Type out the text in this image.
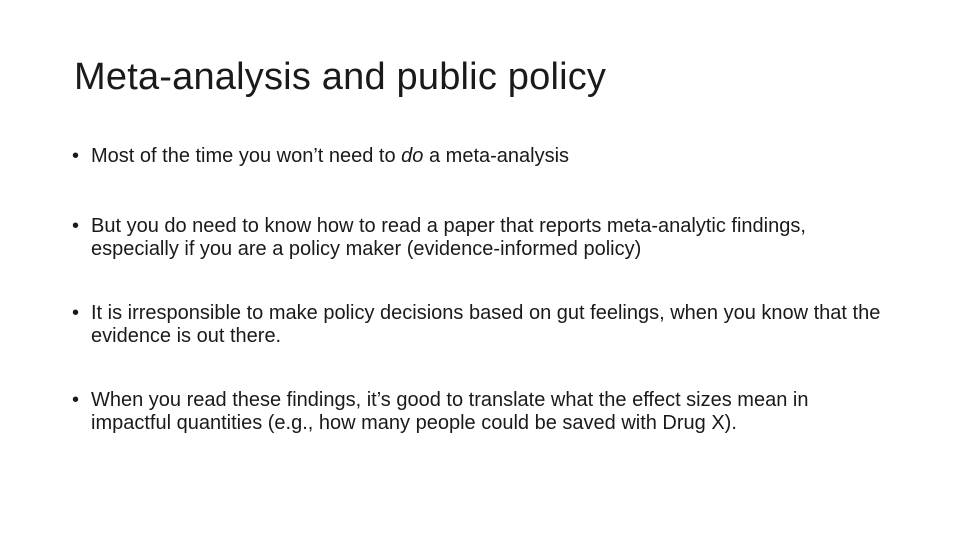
Meta-analysis and public policy
• Most of the time you won’t need to do a meta-analysis
• But you do need to know how to read a paper that reports meta-analytic findings, especially if you are a policy maker (evidence-informed policy)
• It is irresponsible to make policy decisions based on gut feelings, when you know that the evidence is out there.
• When you read these findings, it’s good to translate what the effect sizes mean in impactful quantities (e.g., how many people could be saved with Drug X).
